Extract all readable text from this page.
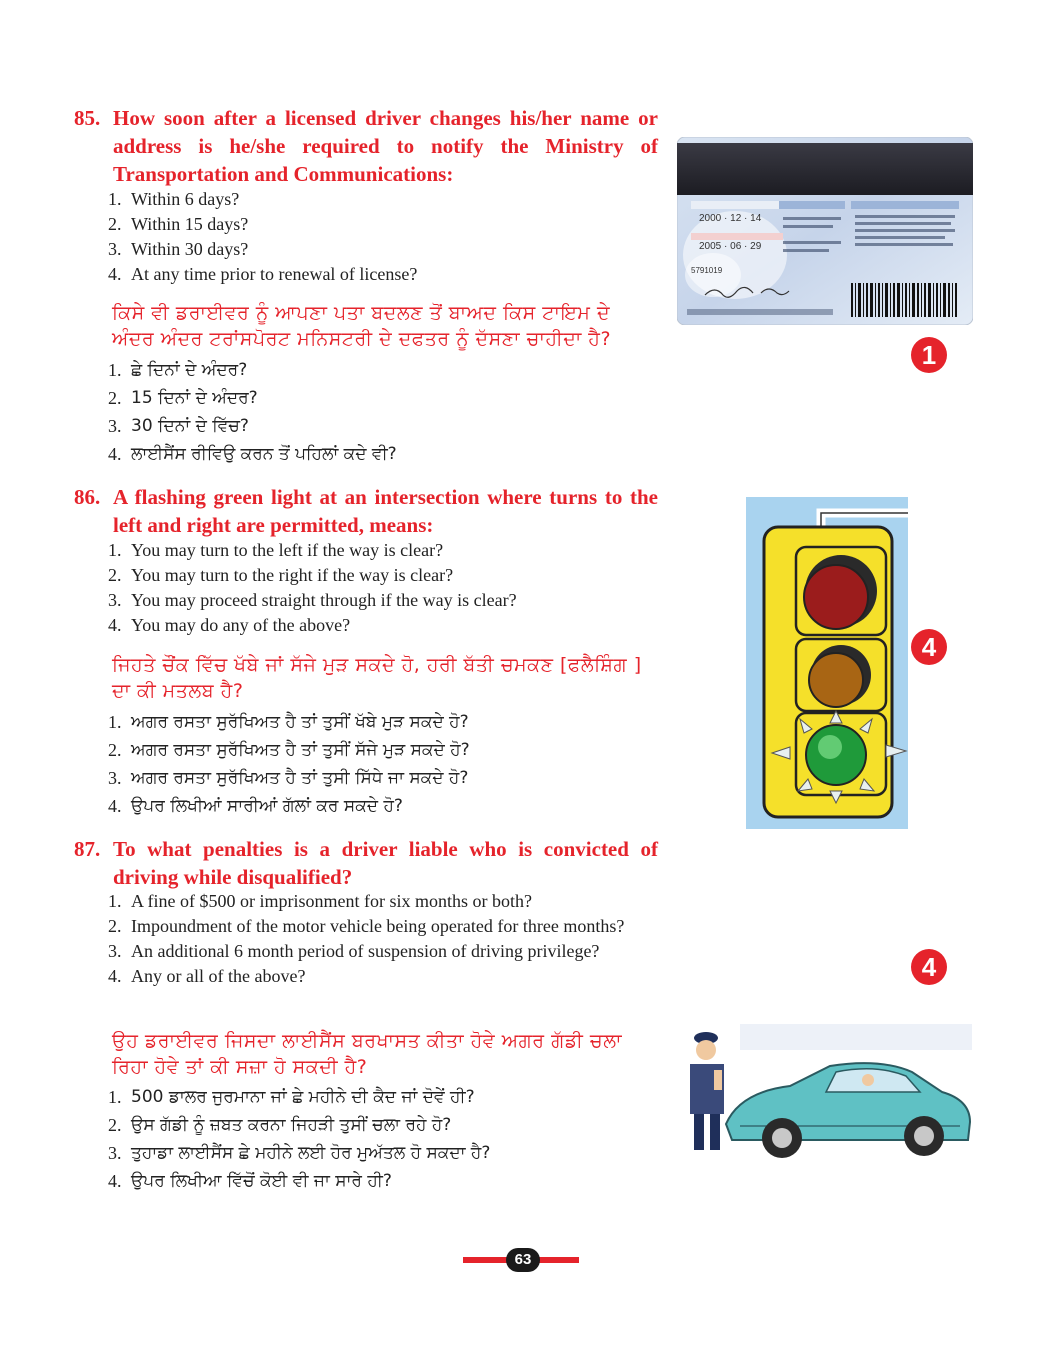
85. How soon after a licensed driver changes his/her name or address is he/she required to notify the Ministry of Transportation and Communications:
1. Within 6 days?
2. Within 15 days?
3. Within 30 days?
4. At any time prior to renewal of license?
ਕਿਸੇ ਵੀ ਡਰਾਈਵਰ ਨੂੰ ਆਪਣਾ ਪਤਾ ਬਦਲਣ ਤੋਂ ਬਾਅਦ ਕਿਸ ਟਾਇਮ ਦੇ ਅੰਦਰ ਅੰਦਰ ਟਰਾਂਸਪੋਰਟ ਮਨਿਸਟਰੀ ਦੇ ਦਫਤਰ ਨੂੰ ਦੱਸਣਾ ਚਾਹੀਦਾ ਹੈ?
1. ਛੇ ਦਿਨਾਂ ਦੇ ਅੰਦਰ?
2. 15 ਦਿਨਾਂ ਦੇ ਅੰਦਰ?
3. 30 ਦਿਨਾਂ ਦੇ ਵਿੱਚ?
4. ਲਾਈਸੈਂਸ ਰੀਵਿਉ ਕਰਨ ਤੋਂ ਪਹਿਲਾਂ ਕਦੇ ਵੀ?
2000 · 12 · 14
2005 · 06 · 29
5791019
1
86. A flashing green light at an intersection where turns to the left and right are permitted, means:
1. You may turn to the left if the way is clear?
2. You may turn to the right if the way is clear?
3. You may proceed straight through if the way is clear?
4. You may do any of the above?
ਜਿਹਤੇ ਚੌਂਕ ਵਿੱਚ ਖੱਬੇ ਜਾਂ ਸੱਜੇ ਮੁੜ ਸਕਦੇ ਹੋ, ਹਰੀ ਬੱਤੀ ਚਮਕਣ [ਫਲੈਸ਼ਿੰਗ ] ਦਾ ਕੀ ਮਤਲਬ ਹੈ?
1. ਅਗਰ ਰਸਤਾ ਸੁਰੱਖਿਅਤ ਹੈ ਤਾਂ ਤੁਸੀਂ ਖੱਬੇ ਮੁੜ ਸਕਦੇ ਹੋ?
2. ਅਗਰ ਰਸਤਾ ਸੁਰੱਖਿਅਤ ਹੈ ਤਾਂ ਤੁਸੀਂ ਸੱਜੇ ਮੁੜ ਸਕਦੇ ਹੋ?
3. ਅਗਰ ਰਸਤਾ ਸੁਰੱਖਿਅਤ ਹੈ ਤਾਂ ਤੁਸੀ ਸਿੱਧੇ ਜਾ ਸਕਦੇ ਹੋ?
4. ਉਪਰ ਲਿਖੀਆਂ ਸਾਰੀਆਂ ਗੱਲਾਂ ਕਰ ਸਕਦੇ ਹੋ?
4
87. To what penalties is a driver liable who is convicted of driving while disqualified?
1. A fine of $500 or imprisonment for six months or both?
2. Impoundment of the motor vehicle being operated for three months?
3. An additional 6 month period of suspension of driving privilege?
4. Any or all of the above?
ਉਹ ਡਰਾਈਵਰ ਜਿਸਦਾ ਲਾਈਸੈਂਸ ਬਰਖਾਸਤ ਕੀਤਾ ਹੋਵੇ ਅਗਰ ਗੱਡੀ ਚਲਾ ਰਿਹਾ ਹੋਵੇ ਤਾਂ ਕੀ ਸਜ਼ਾ ਹੋ ਸਕਦੀ ਹੈ?
1. 500 ਡਾਲਰ ਜੁਰਮਾਨਾ ਜਾਂ ਛੇ ਮਹੀਨੇ ਦੀ ਕੈਦ ਜਾਂ ਦੋਵੇਂ ਹੀ?
2. ਉਸ ਗੱਡੀ ਨੂੰ ਜ਼ਬਤ ਕਰਨਾ ਜਿਹੜੀ ਤੁਸੀਂ ਚਲਾ ਰਹੇ ਹੋ?
3. ਤੁਹਾਡਾ ਲਾਈਸੈਂਸ ਛੇ ਮਹੀਨੇ ਲਈ ਹੋਰ ਮੁਅੱਤਲ ਹੋ ਸਕਦਾ ਹੈ?
4. ਉਪਰ ਲਿਖੀਆ ਵਿੱਚੋਂ ਕੋਈ ਵੀ ਜਾ ਸਾਰੇ ਹੀ?
4
63
